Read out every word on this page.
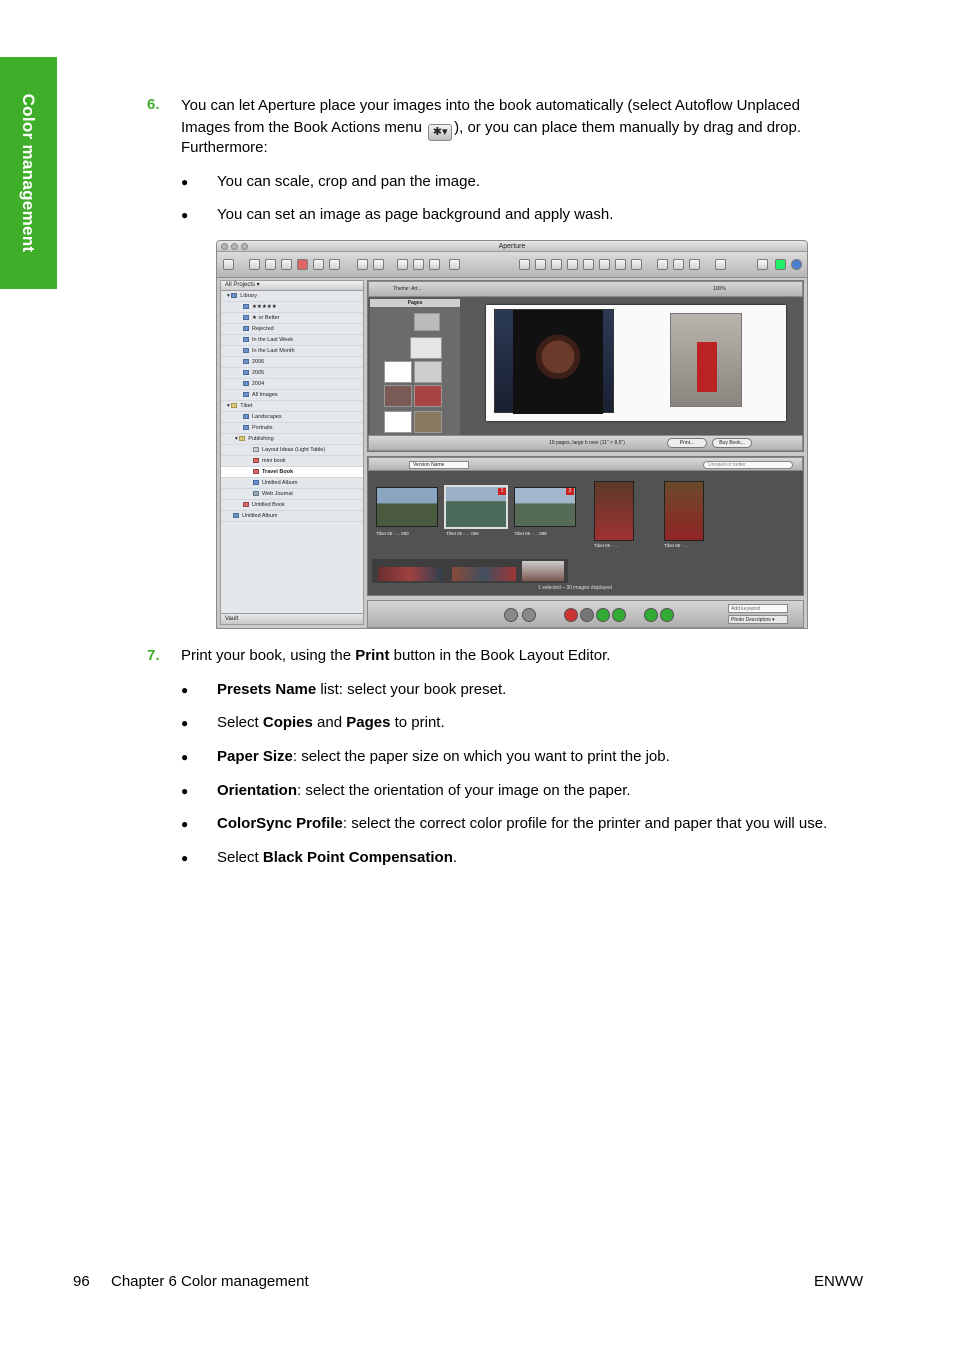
Color management	6. You can let Aperture place your images into the book automatically (select Autoflow Unplaced
Images from the Book Actions menu ✱▾ ), or you can place them manually by drag and drop.
Furthermore:
● You can scale, crop and pan the image.
● You can set an image as page background and apply wash.
Aperture
All Projects ▾
▾ Library
★★★★★
★ or Better
Rejected
In the Last Week
In the Last Month
2006
2005
2004
All Images
▾ Tibet
Landscapes
Portraits
▾ Publishing
Layout Ideas (Light Table)
mini book
Travel Book
Untitled Album
Web Journal
Untitled Book
Untitled Album
Vault
Theme: Art...	100%
Pages
19 pages, large h over (11" × 8.5")	Print...	Buy Book...
Version Name	Unrated or better
1	2
Tibet 05 - ... 090	Tibet 05 - ... 069	Tibet 05 - ... 088
Tibet 05 - ...	Tibet 05 - ...
1 selected – 30 images displayed
Add keyword
Photo Descriptors ▾
7. Print your book, using the Print button in the Book Layout Editor.
● Presets Name list: select your book preset.
● Select Copies and Pages to print.
● Paper Size: select the paper size on which you want to print the job.
● Orientation: select the orientation of your image on the paper.
● ColorSync Profile: select the correct color profile for the printer and paper that you will use.
● Select Black Point Compensation.
96 Chapter 6 Color management	ENWW
